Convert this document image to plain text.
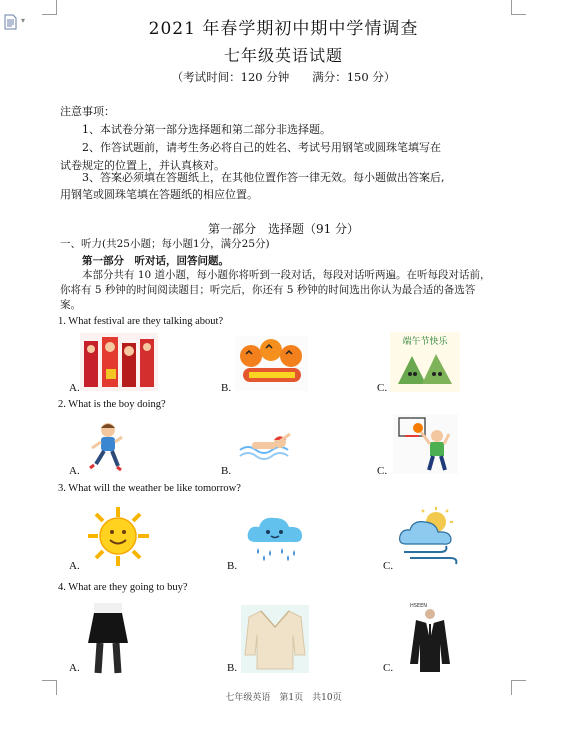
▾	2021 年春学期初中期中学情调查
七年级英语试题
（考试时间：120 分钟　　满分：150 分）
注意事项：
1、本试卷分第一部分选择题和第二部分非选择题。
2、作答试题前，请考生务必将自己的姓名、考试号用钢笔或圆珠笔填写在
试卷规定的位置上，并认真核对。
3、答案必须填在答题纸上，在其他位置作答一律无效。每小题做出答案后,
用钢笔或圆珠笔填在答题纸的相应位置。
第一部分　选择题（91 分）
一、听力(共25小题；每小题1分，满分25分)
第一部分　听对话，回答问题。
本部分共有 10 道小题，每小题你将听到一段对话，每段对话听两遍。在听每段对话前，
你将有 5 秒钟的时间阅读题目；听完后，你还有 5 秒钟的时间选出你认为最合适的备选答
案。
1. What festival are they talking about?
A.	B.
端午节快乐
C.
2. What is the boy doing?
A.	B.	C.
3. What will the weather be like tomorrow?
A.	B.	C.
4. What are they going to buy?
A.	B.
HSEEN
C.
七年级英语　第1页　共10页
